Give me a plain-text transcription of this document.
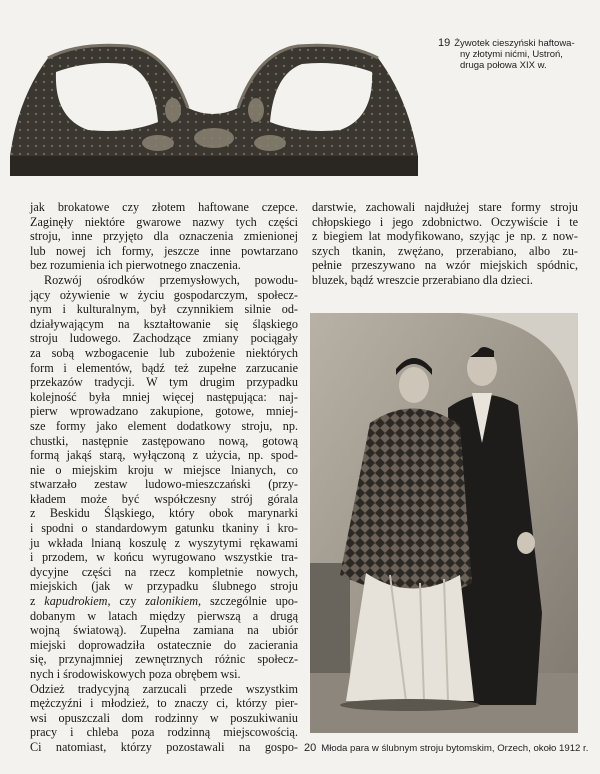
19 Żywotek cieszyński haftowa-
ny złotymi nićmi, Ustroń,
druga połowa XIX w.
jak brokatowe czy złotem haftowane czepce.
Zaginęły niektóre gwarowe nazwy tych części
stroju, inne przyjęto dla oznaczenia zmienionej
lub nowej ich formy, jeszcze inne powtarzano
bez rozumienia ich pierwotnego znaczenia.
Rozwój ośrodków przemysłowych, powodu-
jący ożywienie w życiu gospodarczym, społecz-
nym i kulturalnym, był czynnikiem silnie od-
działywającym na kształtowanie się śląskiego
stroju ludowego. Zachodzące zmiany pociągały
za sobą wzbogacenie lub zubożenie niektórych
form i elementów, bądź też zupełne zarzucanie
przekazów tradycji. W tym drugim przypadku
kolejność była mniej więcej następująca: naj-
pierw wprowadzano zakupione, gotowe, mniej-
sze formy jako element dodatkowy stroju, np.
chustki, następnie zastępowano nową, gotową
formą jakąś starą, wyłączoną z użycia, np. spod-
nie o miejskim kroju w miejsce lnianych, co
stwarzało zestaw ludowo-mieszczański (przy-
kładem może być współczesny strój górala
z Beskidu Śląskiego, który obok marynarki
i spodni o standardowym gatunku tkaniny i kro-
ju wkłada lnianą koszulę z wyszytymi rękawami
i przodem, w końcu wyrugowano wszystkie tra-
dycyjne części na rzecz kompletnie nowych,
miejskich (jak w przypadku ślubnego stroju
z kapudrokiem, czy zalonikiem, szczególnie upo-
dobanym w latach między pierwszą a drugą
wojną światową). Zupełna zamiana na ubiór
miejski doprowadziła ostatecznie do zacierania
się, przynajmniej zewnętrznych różnic społecz-
nych i środowiskowych poza obrębem wsi.
Odzież tradycyjną zarzucali przede wszystkim
mężczyźni i młodzież, to znaczy ci, którzy pier-
wsi opuszczali dom rodzinny w poszukiwaniu
pracy i chleba poza rodzinną miejscowością.
Ci natomiast, którzy pozostawali na gospo-
darstwie, zachowali najdłużej stare formy stroju
chłopskiego i jego zdobnictwo. Oczywiście i te
z biegiem lat modyfikowano, szyjąc je np. z now-
szych tkanin, zwężano, przerabiano, albo zu-
pełnie przeszywano na wzór miejskich spódnic,
bluzek, bądź wreszcie przerabiano dla dzieci.
20 Młoda para w ślubnym stroju bytomskim, Orzech, około 1912 r.
